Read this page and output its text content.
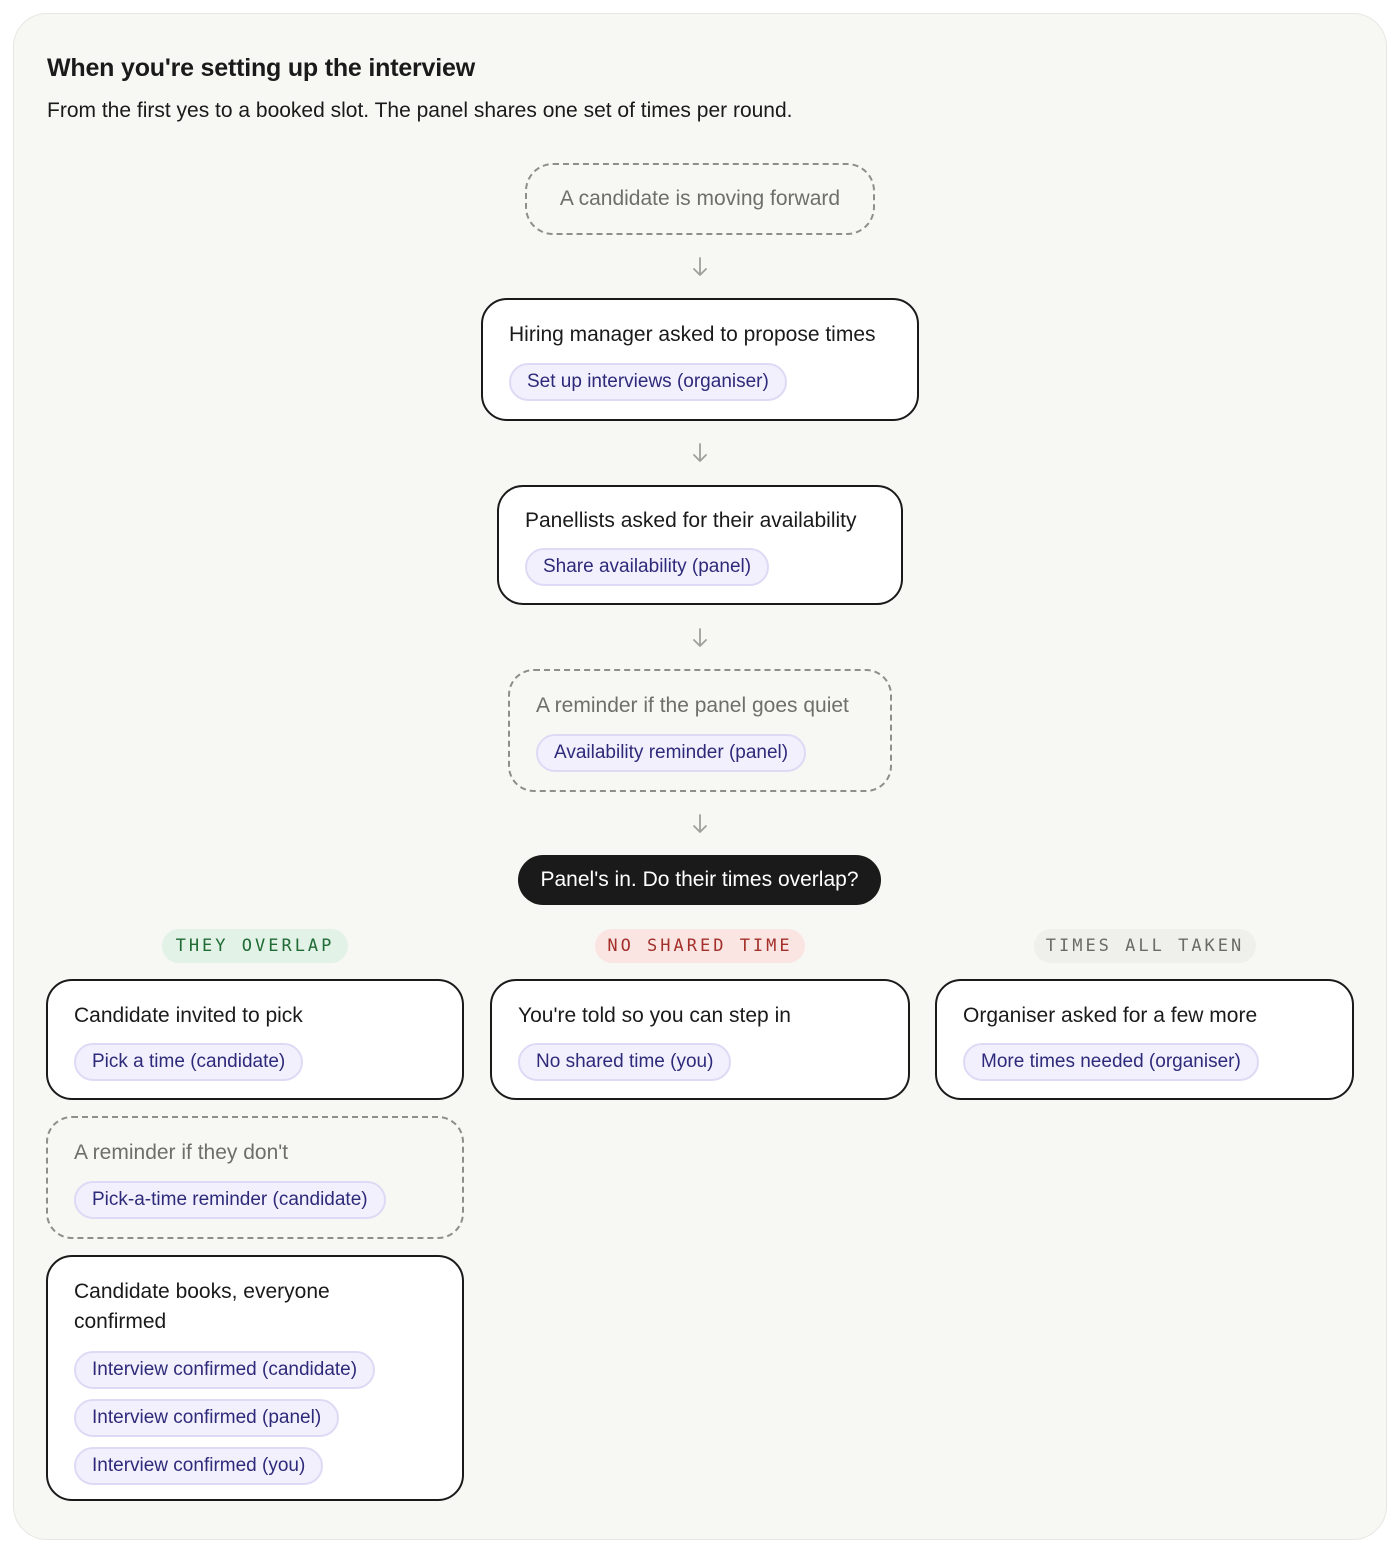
When you're setting up the interview

From the first yes to a booked slot. The panel shares one set of times per round.

A candidate is moving forward
Hiring manager asked to propose times
Set up interviews (organiser)
Panellists asked for their availability
Share availability (panel)
A reminder if the panel goes quiet
Availability reminder (panel)
Panel's in. Do their times overlap?
THEY OVERLAP	NO SHARED TIME	TIMES ALL TAKEN
Candidate invited to pick
Pick a time (candidate)
A reminder if they don't
Pick-a-time reminder (candidate)
Candidate books, everyone confirmed
Interview confirmed (candidate)
Interview confirmed (panel)
Interview confirmed (you)
You're told so you can step in
No shared time (you)
Organiser asked for a few more
More times needed (organiser)
